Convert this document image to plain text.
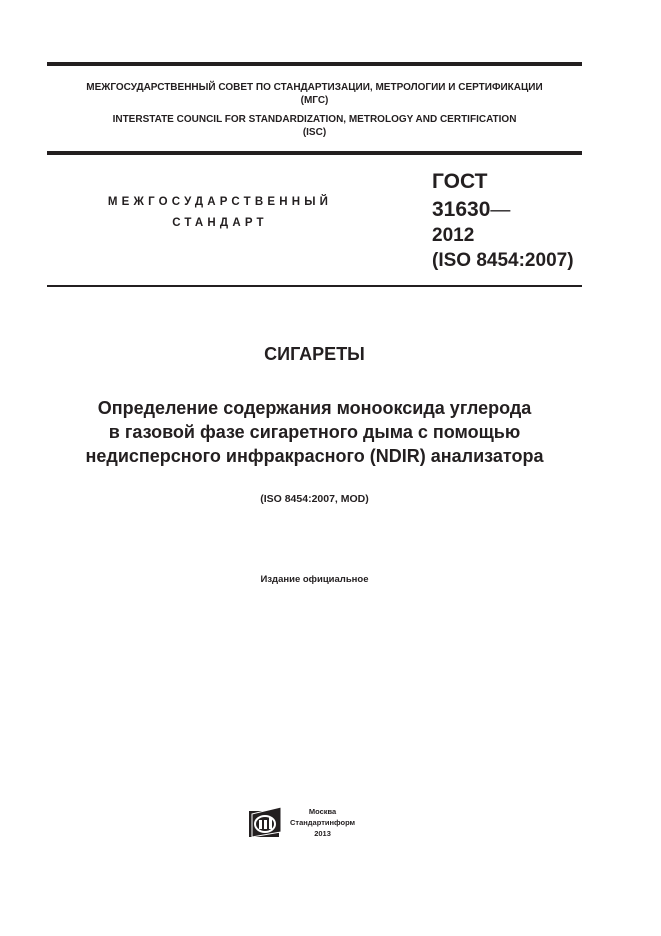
МЕЖГОСУДАРСТВЕННЫЙ СОВЕТ ПО СТАНДАРТИЗАЦИИ, МЕТРОЛОГИИ И СЕРТИФИКАЦИИ
(МГС)
INTERSTATE COUNCIL FOR STANDARDIZATION, METROLOGY AND CERTIFICATION
(ISC)
МЕЖГОСУДАРСТВЕННЫЙ
СТАНДАРТ
ГОСТ
31630—
2012
(ISO 8454:2007)
СИГАРЕТЫ
Определение содержания монооксида углерода
в газовой фазе сигаретного дыма с помощью
недисперсного инфракрасного (NDIR) анализатора
(ISO 8454:2007, MOD)
Издание официальное
Москва
Стандартинформ
2013
